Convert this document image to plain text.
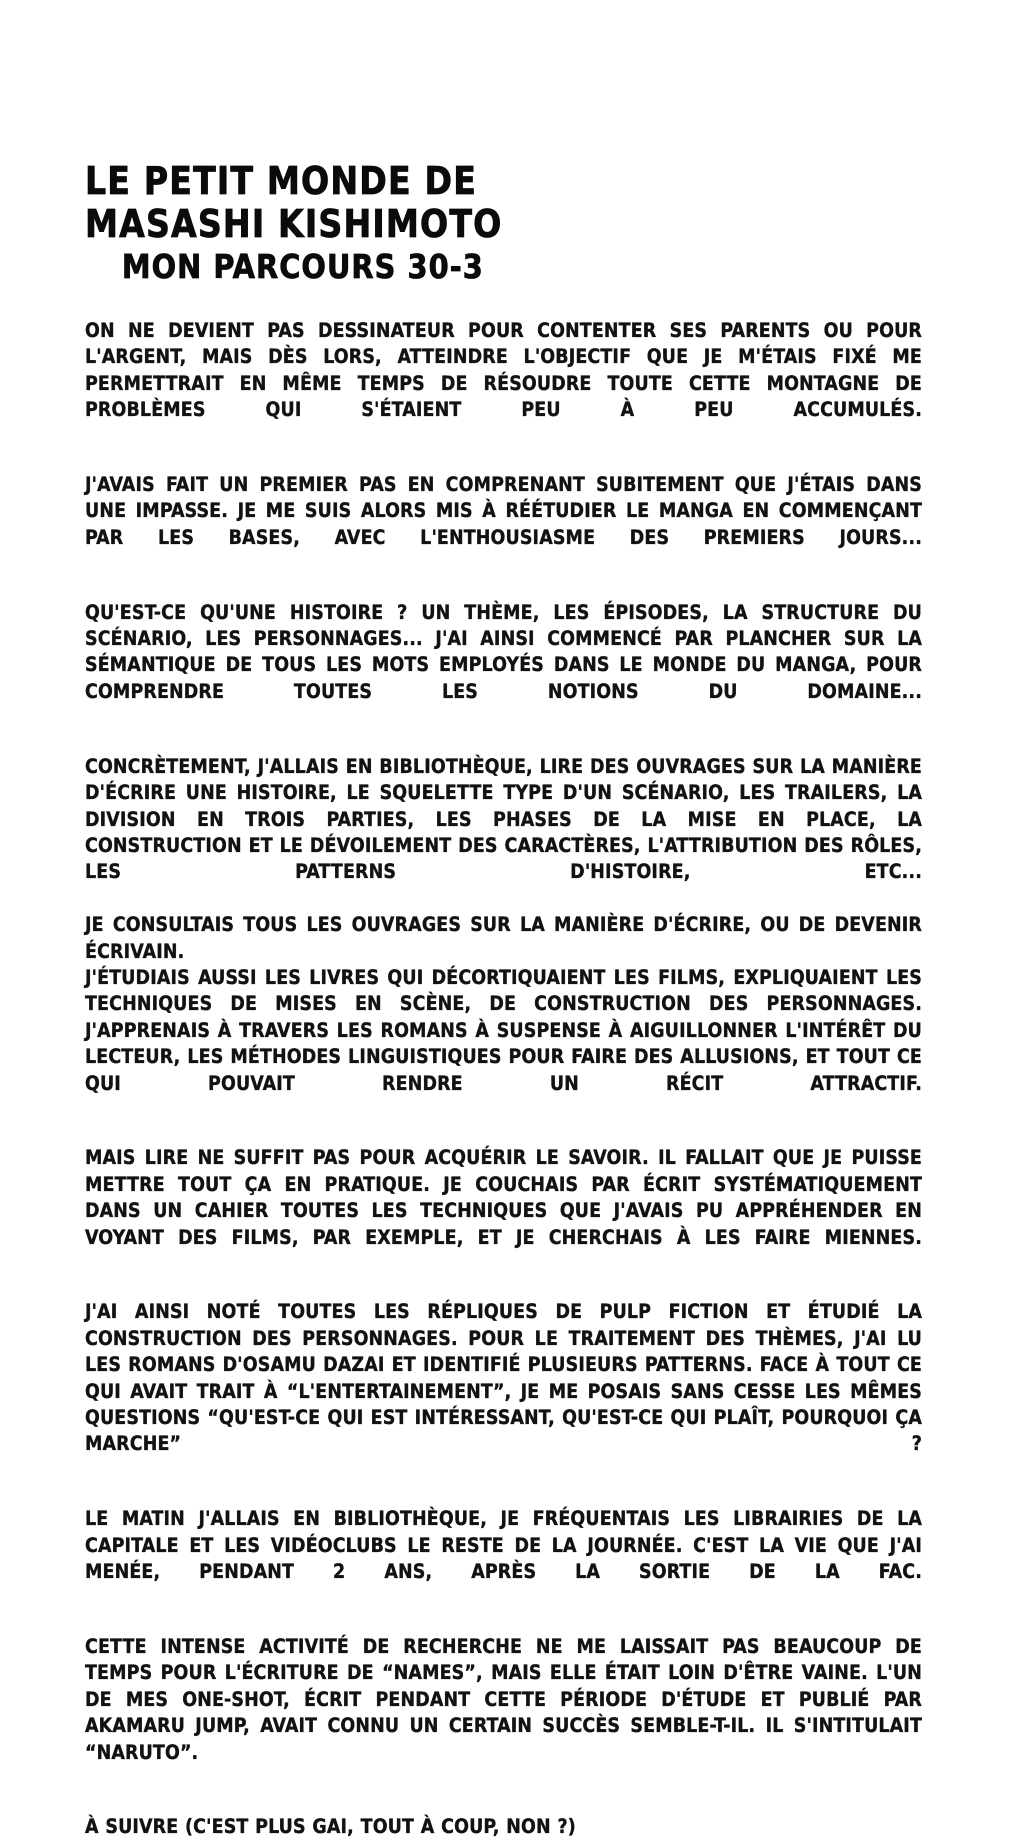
LE PETIT MONDE DE
MASASHI KISHIMOTO
MON PARCOURS 30-3

ON NE DEVIENT PAS DESSINATEUR POUR CONTENTER SES PARENTS OU POUR L'ARGENT, MAIS DÈS LORS, ATTEINDRE L'OBJECTIF QUE JE M'ÉTAIS FIXÉ ME PERMETTRAIT EN MÊME TEMPS DE RÉSOUDRE TOUTE CETTE MONTAGNE DE PROBLÈMES QUI S'ÉTAIENT PEU À PEU ACCUMULÉS.

J'AVAIS FAIT UN PREMIER PAS EN COMPRENANT SUBITEMENT QUE J'ÉTAIS DANS UNE IMPASSE. JE ME SUIS ALORS MIS À RÉÉTUDIER LE MANGA EN COMMENÇANT PAR LES BASES, AVEC L'ENTHOUSIASME DES PREMIERS JOURS...

QU'EST-CE QU'UNE HISTOIRE ? UN THÈME, LES ÉPISODES, LA STRUCTURE DU SCÉNARIO, LES PERSONNAGES... J'AI AINSI COMMENCÉ PAR PLANCHER SUR LA SÉMANTIQUE DE TOUS LES MOTS EMPLOYÉS DANS LE MONDE DU MANGA, POUR COMPRENDRE TOUTES LES NOTIONS DU DOMAINE...

CONCRÈTEMENT, J'ALLAIS EN BIBLIOTHÈQUE, LIRE DES OUVRAGES SUR LA MANIÈRE D'ÉCRIRE UNE HISTOIRE, LE SQUELETTE TYPE D'UN SCÉNARIO, LES TRAILERS, LA DIVISION EN TROIS PARTIES, LES PHASES DE LA MISE EN PLACE, LA CONSTRUCTION ET LE DÉVOILEMENT DES CARACTÈRES, L'ATTRIBUTION DES RÔLES, LES PATTERNS D'HISTOIRE, ETC...

JE CONSULTAIS TOUS LES OUVRAGES SUR LA MANIÈRE D'ÉCRIRE, OU DE DEVENIR ÉCRIVAIN.

J'ÉTUDIAIS AUSSI LES LIVRES QUI DÉCORTIQUAIENT LES FILMS, EXPLIQUAIENT LES TECHNIQUES DE MISES EN SCÈNE, DE CONSTRUCTION DES PERSONNAGES. J'APPRENAIS À TRAVERS LES ROMANS À SUSPENSE À AIGUILLONNER L'INTÉRÊT DU LECTEUR, LES MÉTHODES LINGUISTIQUES POUR FAIRE DES ALLUSIONS, ET TOUT CE QUI POUVAIT RENDRE UN RÉCIT ATTRACTIF.

MAIS LIRE NE SUFFIT PAS POUR ACQUÉRIR LE SAVOIR. IL FALLAIT QUE JE PUISSE METTRE TOUT ÇA EN PRATIQUE. JE COUCHAIS PAR ÉCRIT SYSTÉMATIQUEMENT DANS UN CAHIER TOUTES LES TECHNIQUES QUE J'AVAIS PU APPRÉHENDER EN VOYANT DES FILMS, PAR EXEMPLE, ET JE CHERCHAIS À LES FAIRE MIENNES.

J'AI AINSI NOTÉ TOUTES LES RÉPLIQUES DE PULP FICTION ET ÉTUDIÉ LA CONSTRUCTION DES PERSONNAGES. POUR LE TRAITEMENT DES THÈMES, J'AI LU LES ROMANS D'OSAMU DAZAI ET IDENTIFIÉ PLUSIEURS PATTERNS. FACE À TOUT CE QUI AVAIT TRAIT À “L'ENTERTAINEMENT”, JE ME POSAIS SANS CESSE LES MÊMES QUESTIONS “QU'EST-CE QUI EST INTÉRESSANT, QU'EST-CE QUI PLAÎT, POURQUOI ÇA MARCHE” ?

LE MATIN J'ALLAIS EN BIBLIOTHÈQUE, JE FRÉQUENTAIS LES LIBRAIRIES DE LA CAPITALE ET LES VIDÉOCLUBS LE RESTE DE LA JOURNÉE. C'EST LA VIE QUE J'AI MENÉE, PENDANT 2 ANS, APRÈS LA SORTIE DE LA FAC.

CETTE INTENSE ACTIVITÉ DE RECHERCHE NE ME LAISSAIT PAS BEAUCOUP DE TEMPS POUR L'ÉCRITURE DE “NAMES”, MAIS ELLE ÉTAIT LOIN D'ÊTRE VAINE. L'UN DE MES ONE-SHOT, ÉCRIT PENDANT CETTE PÉRIODE D'ÉTUDE ET PUBLIÉ PAR AKAMARU JUMP, AVAIT CONNU UN CERTAIN SUCCÈS SEMBLE-T-IL. IL S'INTITULAIT “NARUTO”.

À SUIVRE (C'EST PLUS GAI, TOUT À COUP, NON ?)
